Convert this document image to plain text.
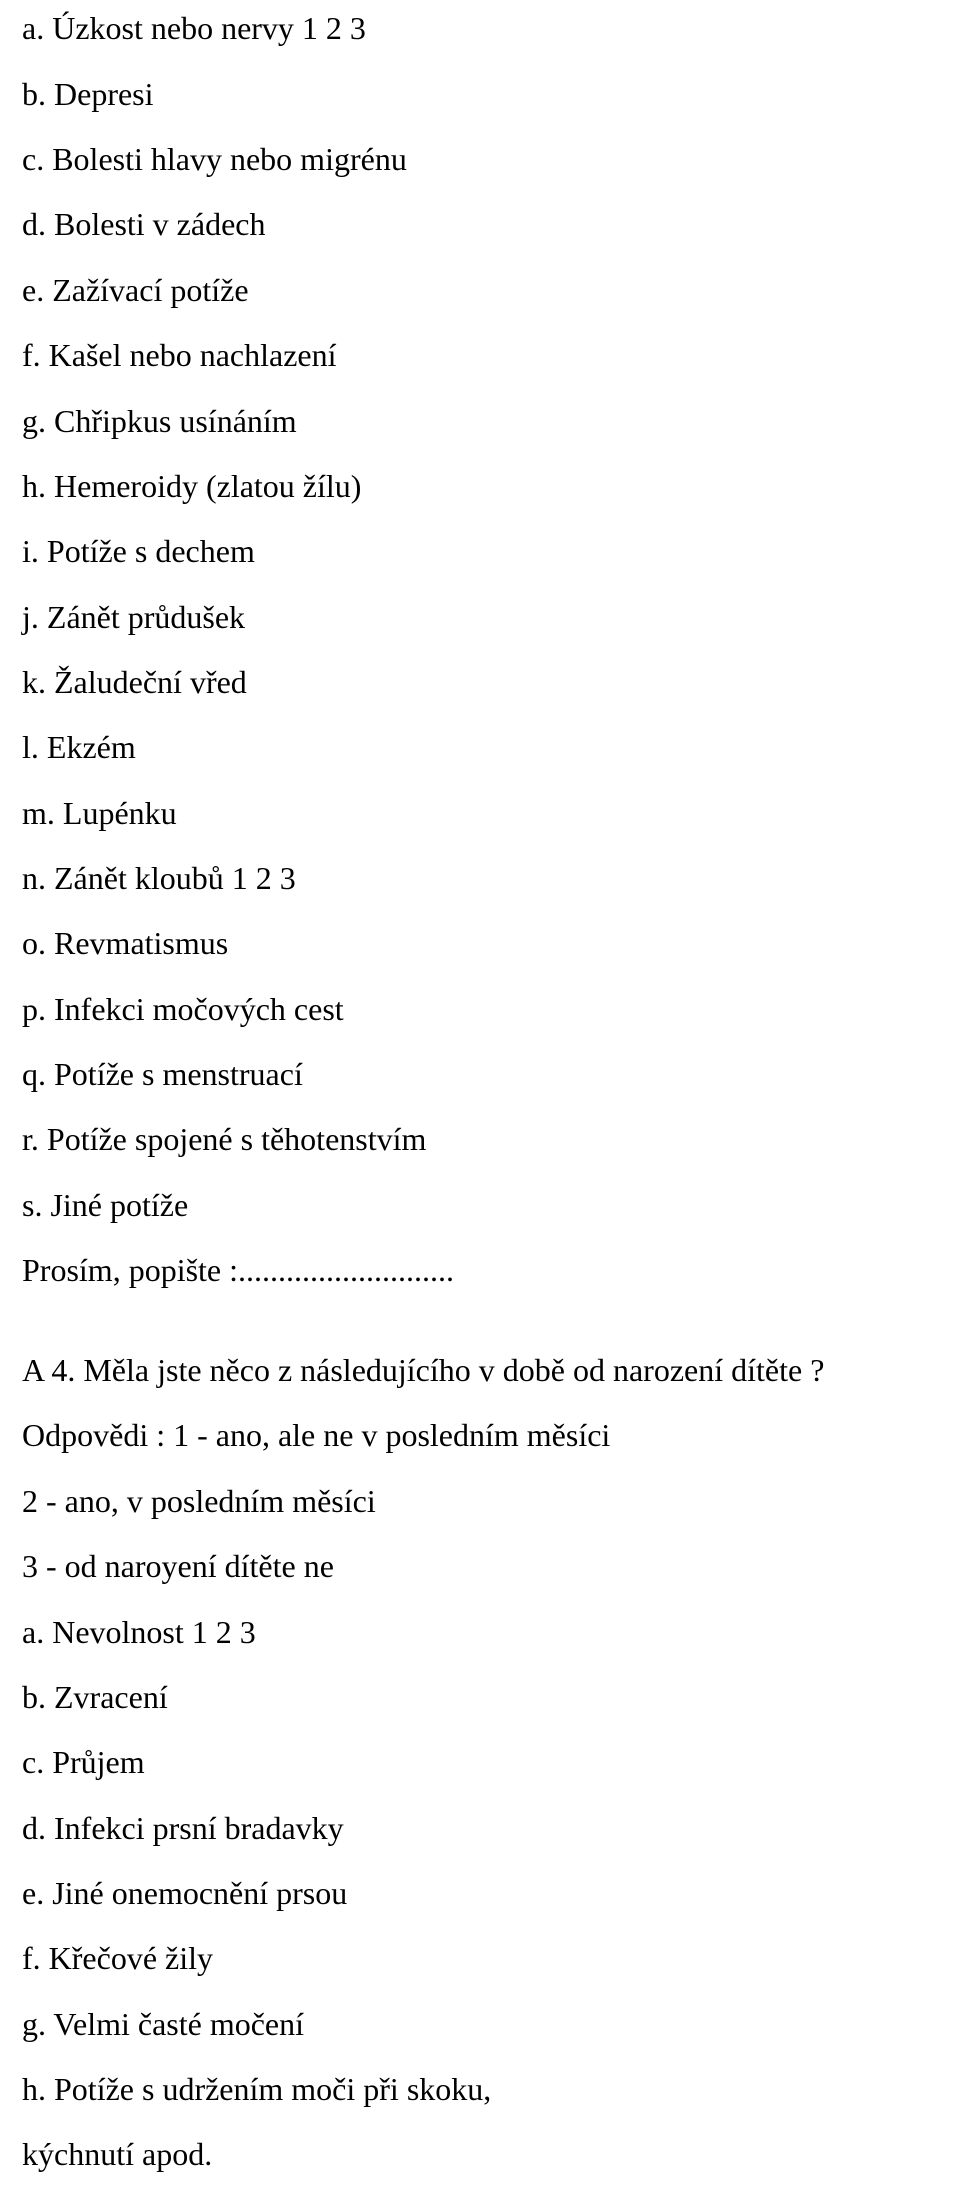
a. Úzkost nebo nervy 1 2 3

b. Depresi

c. Bolesti hlavy nebo migrénu

d. Bolesti v zádech

e. Zažívací potíže

f. Kašel nebo nachlazení

g. Chřipkus usínáním

h. Hemeroidy (zlatou žílu)

i. Potíže s dechem

j. Zánět průdušek

k. Žaludeční vřed

l. Ekzém

m. Lupénku

n. Zánět kloubů 1 2 3

o. Revmatismus

p. Infekci močových cest

q. Potíže s menstruací

r. Potíže spojené s těhotenstvím

s. Jiné potíže

Prosím, popište :...........................

A 4. Měla jste něco z následujícího v době od narození dítěte ?

Odpovědi : 1 - ano, ale ne v posledním měsíci

2 - ano, v posledním měsíci

3 - od naroyení dítěte ne

a. Nevolnost 1 2 3

b. Zvracení

c. Průjem

d. Infekci prsní bradavky

e. Jiné onemocnění prsou

f. Křečové žily

g. Velmi časté močení

h. Potíže s udržením moči při skoku,

kýchnutí apod.
